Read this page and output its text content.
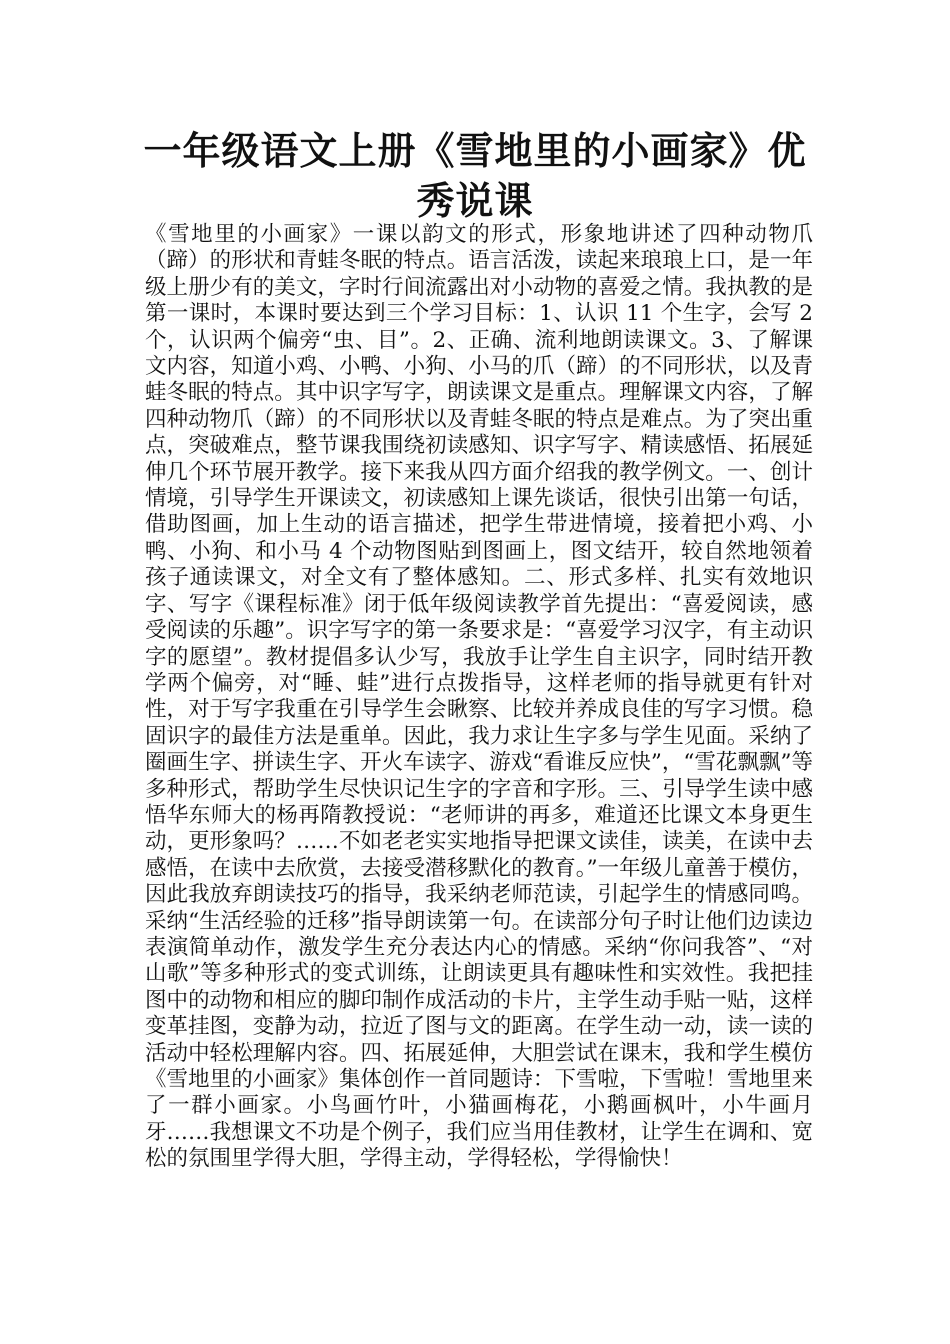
一年级语文上册《雪地里的小画家》优
秀说课

《雪地里的小画家》一课以韵文的形式，形象地讲述了四种动物爪（蹄）的形状和青蛙冬眠的特点。语言活泼，读起来琅琅上口，是一年级上册少有的美文，字时行间流露出对小动物的喜爱之情。我执教的是第一课时，本课时要达到三个学习目标：1、认识 11 个生字，会写 2 个，认识两个偏旁“虫、目”。2、正确、流利地朗读课文。3、了解课文内容，知道小鸡、小鸭、小狗、小马的爪（蹄）的不同形状，以及青蛙冬眠的特点。其中识字写字，朗读课文是重点。理解课文内容，了解四种动物爪（蹄）的不同形状以及青蛙冬眠的特点是难点。为了突出重点，突破难点，整节课我围绕初读感知、识字写字、精读感悟、拓展延伸几个环节展开教学。接下来我从四方面介绍我的教学例文。一、创计情境，引导学生开课读文，初读感知上课先谈话，很快引出第一句话，借助图画，加上生动的语言描述，把学生带进情境，接着把小鸡、小鸭、小狗、和小马 4 个动物图贴到图画上，图文结开，较自然地领着孩子通读课文，对全文有了整体感知。二、形式多样、扎实有效地识字、写字《课程标准》闭于低年级阅读教学首先提出：“喜爱阅读，感受阅读的乐趣”。识字写字的第一条要求是：“喜爱学习汉字，有主动识字的愿望”。教材提倡多认少写，我放手让学生自主识字，同时结开教学两个偏旁，对“睡、蛙”进行点拨指导，这样老师的指导就更有针对性，对于写字我重在引导学生会瞅察、比较并养成良佳的写字习惯。稳固识字的最佳方法是重单。因此，我力求让生字多与学生见面。采纳了圈画生字、拼读生字、开火车读字、游戏“看谁反应快”，“雪花飘飘”等多种形式，帮助学生尽快识记生字的字音和字形。三、引导学生读中感悟华东师大的杨再隋教授说：“老师讲的再多，难道还比课文本身更生动，更形象吗？……不如老老实实地指导把课文读佳，读美，在读中去感悟，在读中去欣赏，去接受潜移默化的教育。”一年级儿童善于模仿，因此我放弃朗读技巧的指导，我采纳老师范读，引起学生的情感同鸣。采纳“生活经验的迁移”指导朗读第一句。在读部分句子时让他们边读边表演简单动作，激发学生充分表达内心的情感。采纳“你问我答”、“对山歌”等多种形式的变式训练，让朗读更具有趣味性和实效性。我把挂图中的动物和相应的脚印制作成活动的卡片，主学生动手贴一贴，这样变革挂图，变静为动，拉近了图与文的距离。在学生动一动，读一读的活动中轻松理解内容。四、拓展延伸，大胆尝试在课末，我和学生模仿《雪地里的小画家》集体创作一首同题诗：下雪啦，下雪啦！雪地里来了一群小画家。小鸟画竹叶，小猫画梅花，小鹅画枫叶，小牛画月牙……我想课文不功是个例子，我们应当用佳教材，让学生在调和、宽松的氛围里学得大胆，学得主动，学得轻松，学得愉快！
